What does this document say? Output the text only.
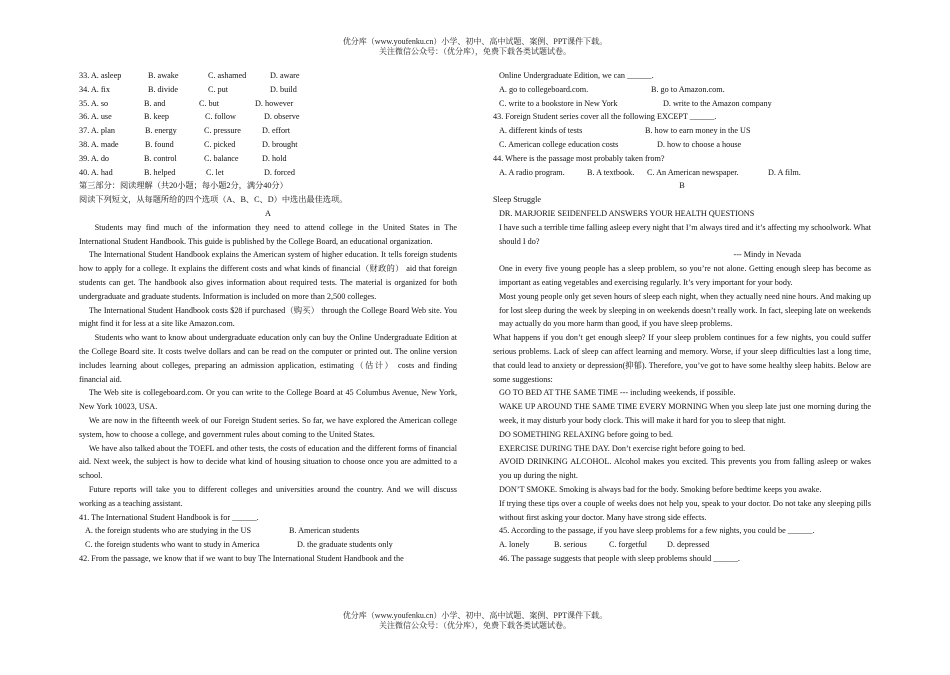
优分库（www.youfenku.cn）小学、初中、高中试题、案例、PPT课件下载。
关注微信公众号：（优分库），免费下载各类试题试卷。
33. A. asleep	B. awake	C. ashamed	D. aware
34. A. fix	B. divide	C. put	D. build
35. A. so	B. and	C. but	D. however
36. A. use	B. keep	C. follow	D. observe
37. A. plan	B. energy	C. pressure	D. effort
38. A. made	B. found	C. picked	D. brought
39. A. do	B. control	C. balance	D. hold
40. A. had	B. helped	C. let	D. forced

第三部分：阅读理解（共20小题；每小题2分，满分40分）

阅读下列短文，从每题所给的四个选项（A、B、C、D）中选出最佳选项。

A

Students may find much of the information they need to attend college in the United States in The International Student Handbook. This guide is published by the College Board, an educational organization.

The International Student Handbook explains the American system of higher education. It tells foreign students how to apply for a college. It explains the different costs and what kinds of financial（财政的） aid that foreign students can get. The handbook also gives information about required tests. The material is organized for both undergraduate and graduate students. Information is included on more than 2,500 colleges.

The International Student Handbook costs $28 if purchased（购买） through the College Board Web site. You might find it for less at a site like Amazon.com.

Students who want to know about undergraduate education only can buy the Online Undergraduate Edition at the College Board site. It costs twelve dollars and can be read on the computer or printed out. The online version includes learning about colleges, preparing an admission application, estimating（估计） costs and finding financial aid.

The Web site is collegeboard.com. Or you can write to the College Board at 45 Columbus Avenue, New York, New York 10023, USA.

We are now in the fifteenth week of our Foreign Student series. So far, we have explored the American college system, how to choose a college, and government rules about coming to the United States.

We have also talked about the TOEFL and other tests, the costs of education and the different forms of financial aid. Next week, the subject is how to decide what kind of housing situation to choose once you are admitted to a school.

Future reports will take you to different colleges and universities around the country. And we will discuss working as a teaching assistant.

41. The International Student Handbook is for ______.

A. the foreign students who are studying in the US	B. American students
C. the foreign students who want to study in America	D. the graduate students only

42. From the passage, we know that if we want to buy The International Student Handbook and the

Online Undergraduate Edition, we can ______.

A. go to collegeboard.com.	B. go to Amazon.com.
C. write to a bookstore in New York	D. write to the Amazon company

43. Foreign Student series cover all the following EXCEPT ______.

A. different kinds of tests	B. how to earn money in the US
C. American college education costs	D. how to choose a house

44. Where is the passage most probably taken from?

A. A radio program.	B. A textbook.	C. An American newspaper.	D. A film.

B

Sleep Struggle

DR. MARJORIE SEIDENFELD ANSWERS YOUR HEALTH QUESTIONS

I have such a terrible time falling asleep every night that I’m always tired and it’s affecting my schoolwork. What should I do?

--- Mindy in Nevada

One in every five young people has a sleep problem, so you’re not alone. Getting enough sleep has become as important as eating vegetables and exercising regularly. It’s very important for your body.

Most young people only get seven hours of sleep each night, when they actually need nine hours. And making up for lost sleep during the week by sleeping in on weekends doesn’t really work. In fact, sleeping late on weekends may actually do you more harm than good, if you have sleep problems.

What happens if you don’t get enough sleep? If your sleep problem continues for a few nights, you could suffer serious problems. Lack of sleep can affect learning and memory. Worse, if your sleep difficulties last a long time, that could lead to anxiety or depression(抑郁). Therefore, you’ve got to have some healthy sleep habits. Below are some suggestions:

GO TO BED AT THE SAME TIME --- including weekends, if possible.

WAKE UP AROUND THE SAME TIME EVERY MORNING When you sleep late just one morning during the week, it may disturb your body clock. This will make it hard for you to sleep that night.

DO SOMETHING RELAXING before going to bed.

EXERCISE DURING THE DAY. Don’t exercise right before going to bed.

AVOID DRINKING ALCOHOL. Alcohol makes you excited. This prevents you from falling asleep or wakes you up during the night.

DON’T SMOKE. Smoking is always bad for the body. Smoking before bedtime keeps you awake.

If trying these tips over a couple of weeks does not help you, speak to your doctor. Do not take any sleeping pills without first asking your doctor. Many have strong side effects.

45. According to the passage, if you have sleep problems for a few nights, you could be ______.

A. lonely	B. serious	C. forgetful	D. depressed

46. The passage suggests that people with sleep problems should ______.

优分库（www.youfenku.cn）小学、初中、高中试题、案例、PPT课件下载。
关注微信公众号：（优分库），免费下载各类试题试卷。
